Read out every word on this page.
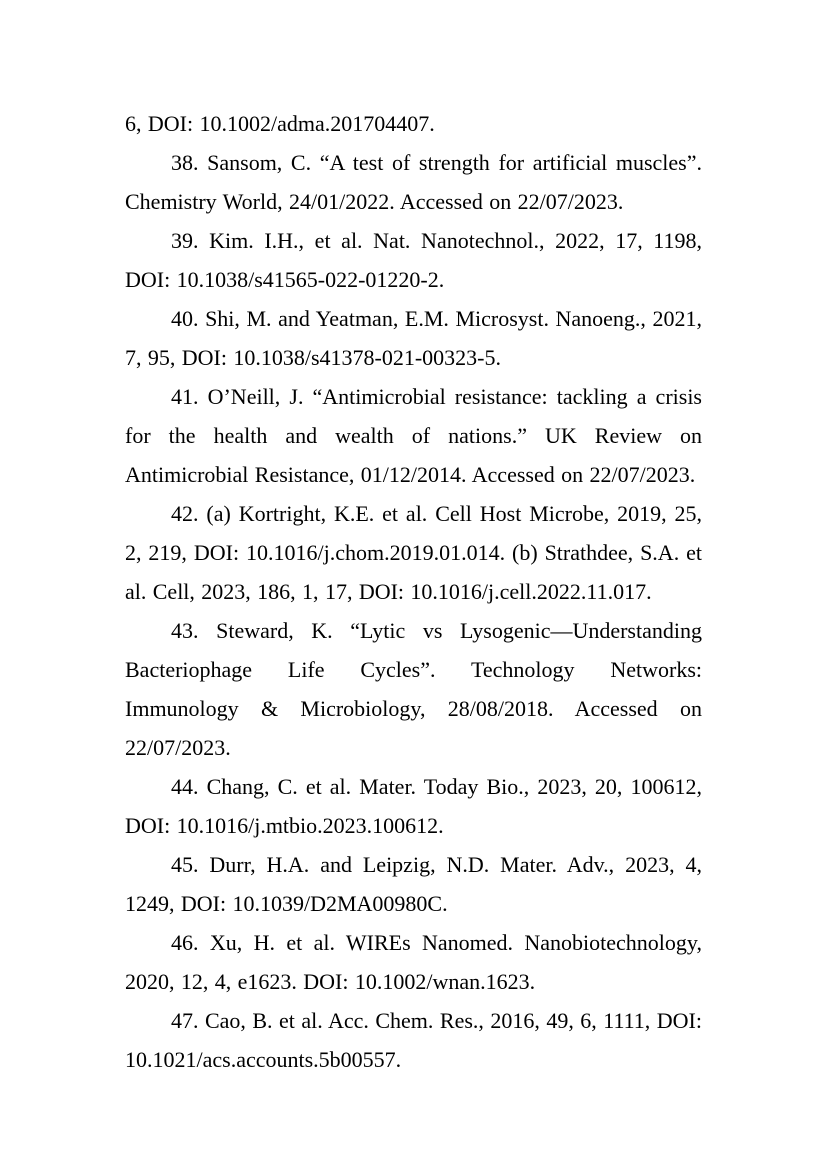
6, DOI: 10.1002/adma.201704407.

38. Sansom, C. “A test of strength for artificial muscles”. Chemistry World, 24/01/2022. Accessed on 22/07/2023.

39. Kim. I.H., et al. Nat. Nanotechnol., 2022, 17, 1198, DOI: 10.1038/s41565-022-01220-2.

40. Shi, M. and Yeatman, E.M. Microsyst. Nanoeng., 2021, 7, 95, DOI: 10.1038/s41378-021-00323-5.

41. O’Neill, J. “Antimicrobial resistance: tackling a crisis for the health and wealth of nations.” UK Review on Antimicrobial Resistance, 01/12/2014. Accessed on 22/07/2023.

42. (a) Kortright, K.E. et al. Cell Host Microbe, 2019, 25, 2, 219, DOI: 10.1016/j.chom.2019.01.014. (b) Strathdee, S.A. et al. Cell, 2023, 186, 1, 17, DOI: 10.1016/j.cell.2022.11.017.

43. Steward, K. “Lytic vs Lysogenic—Understanding Bacteriophage Life Cycles”. Technology Networks: Immunology & Microbiology, 28/08/2018. Accessed on 22/07/2023.

44. Chang, C. et al. Mater. Today Bio., 2023, 20, 100612, DOI: 10.1016/j.mtbio.2023.100612.

45. Durr, H.A. and Leipzig, N.D. Mater. Adv., 2023, 4, 1249, DOI: 10.1039/D2MA00980C.

46. Xu, H. et al. WIREs Nanomed. Nanobiotechnology, 2020, 12, 4, e1623. DOI: 10.1002/wnan.1623.

47. Cao, B. et al. Acc. Chem. Res., 2016, 49, 6, 1111, DOI: 10.1021/acs.accounts.5b00557.
